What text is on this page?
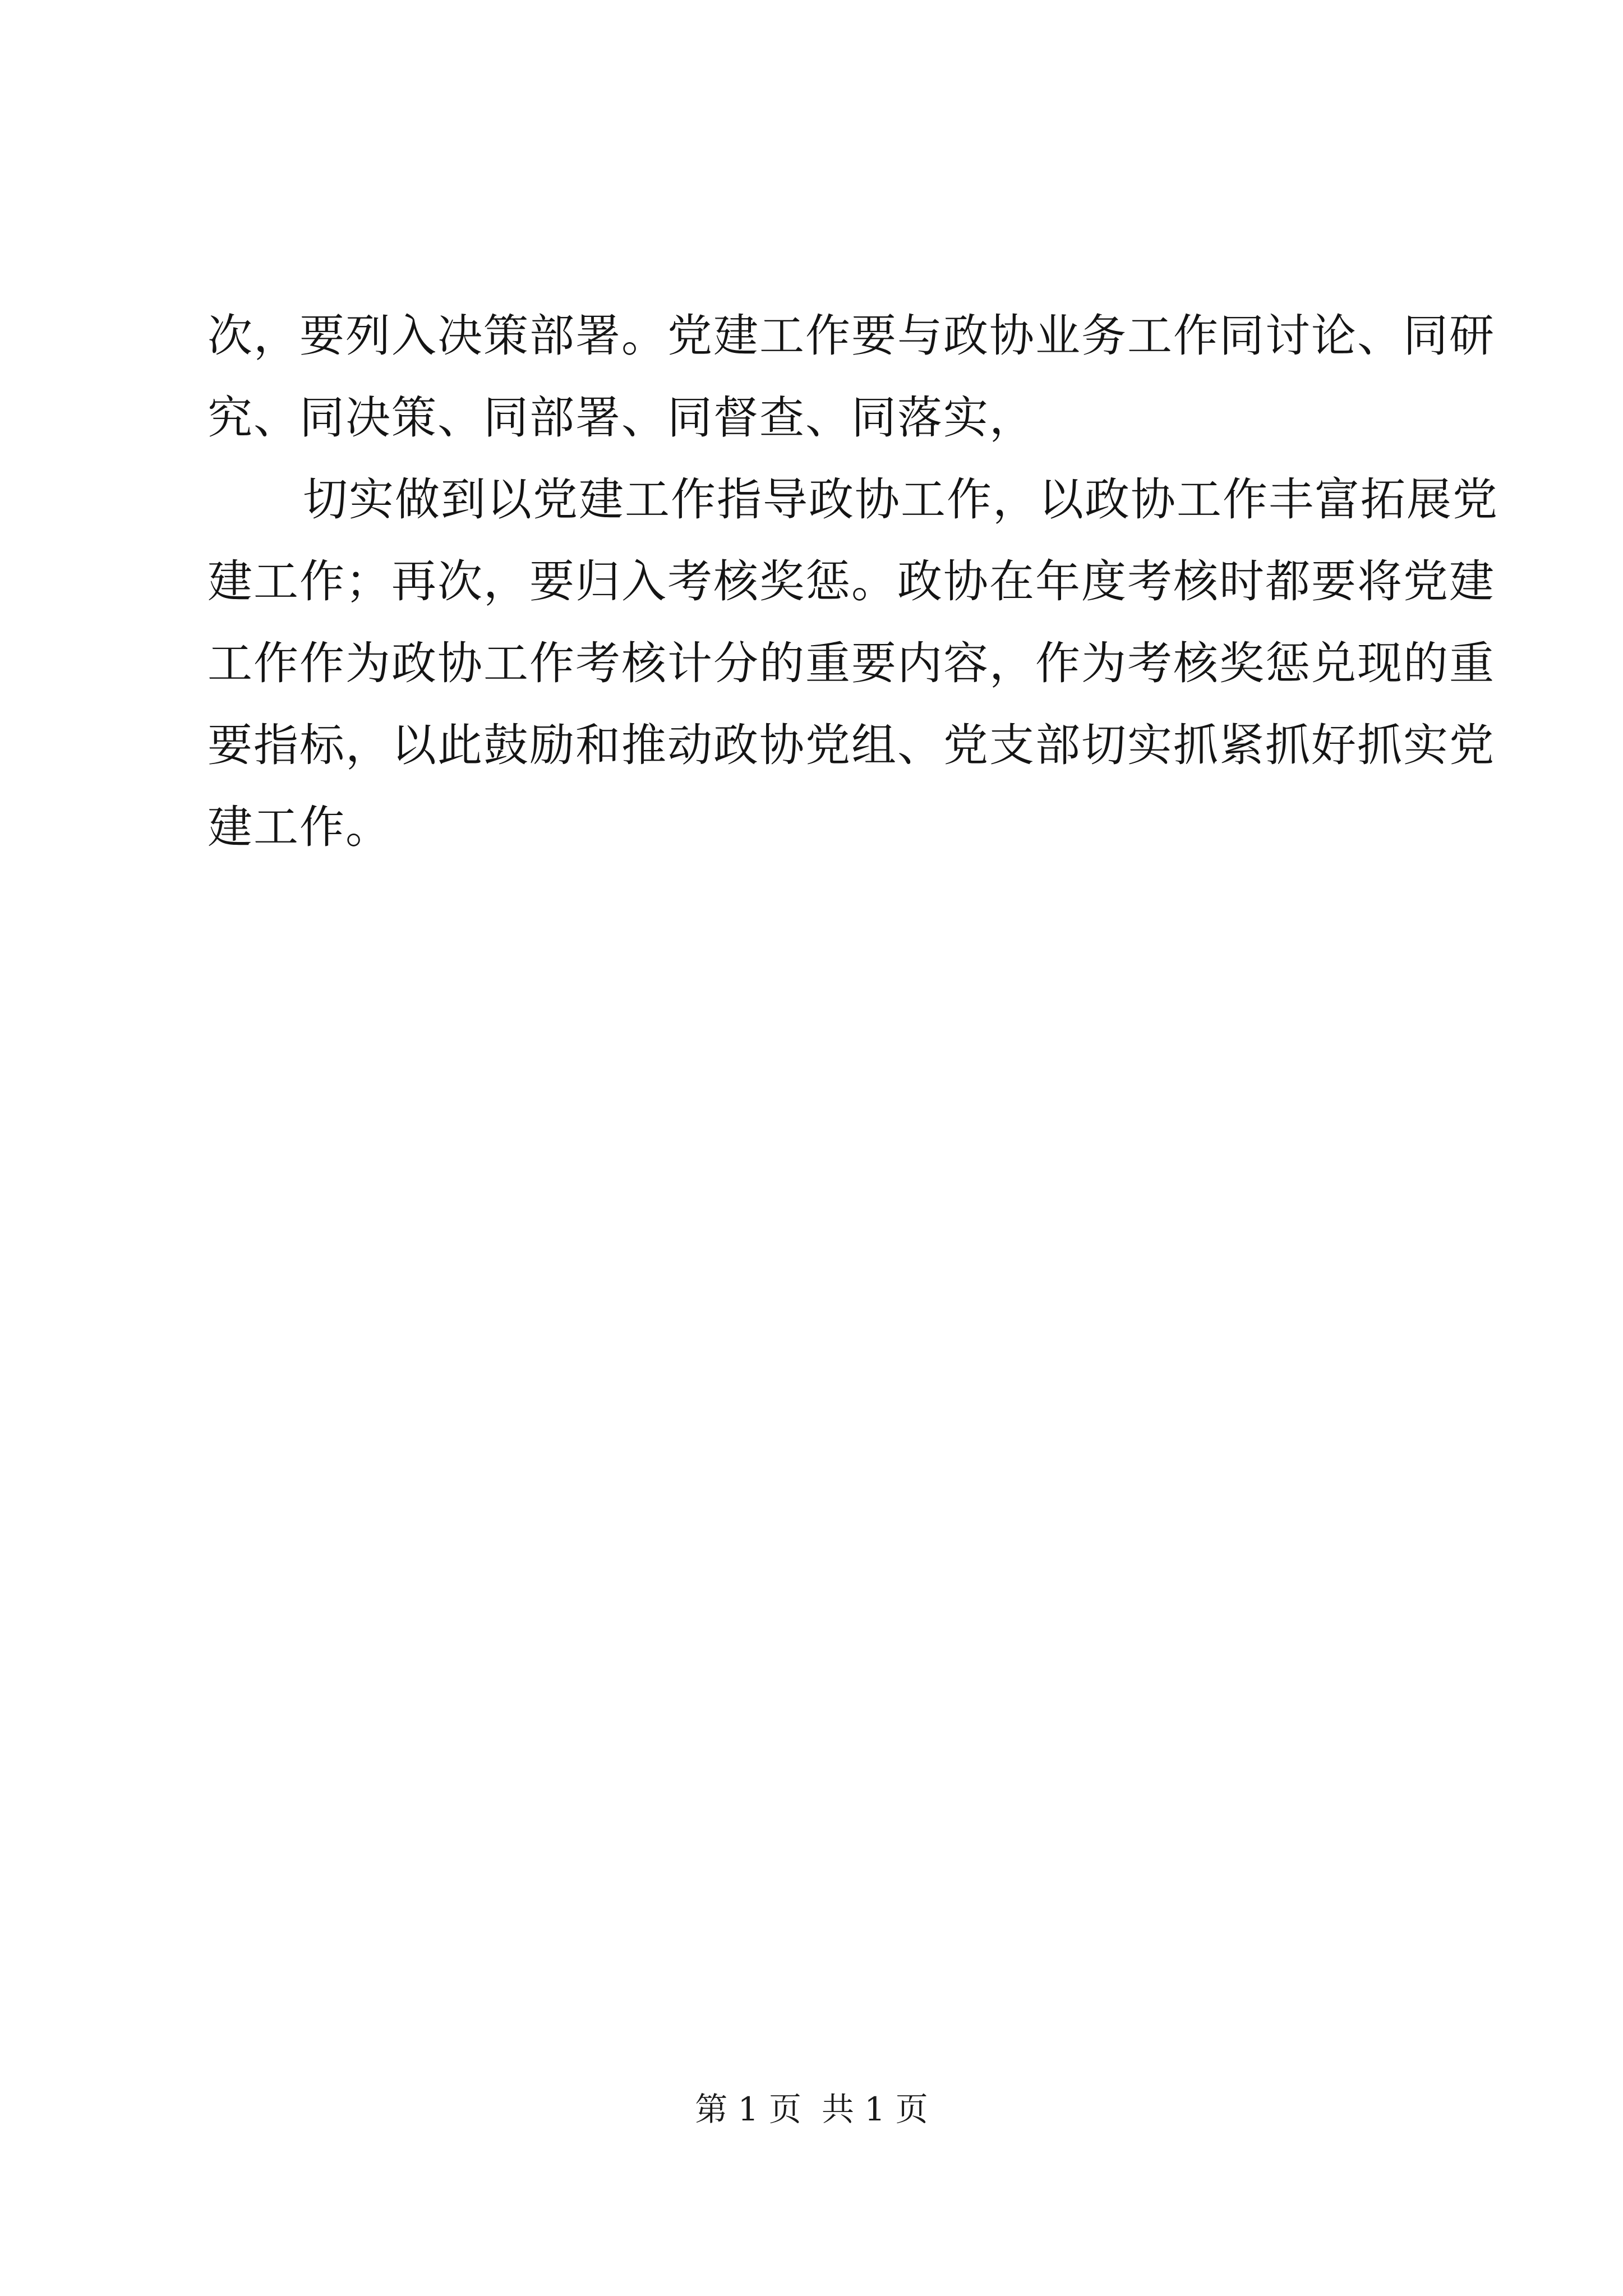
次，要列入决策部署。党建工作要与政协业务工作同讨论、同研
究、同决策、同部署、同督查、同落实，
切实做到以党建工作指导政协工作，以政协工作丰富拓展党
建工作；再次，要归入考核奖惩。政协在年度考核时都要将党建
工作作为政协工作考核计分的重要内容，作为考核奖惩兑现的重
要指标，以此鼓励和推动政协党组、党支部切实抓紧抓好抓实党
建工作。
第 1 页 共 1 页
